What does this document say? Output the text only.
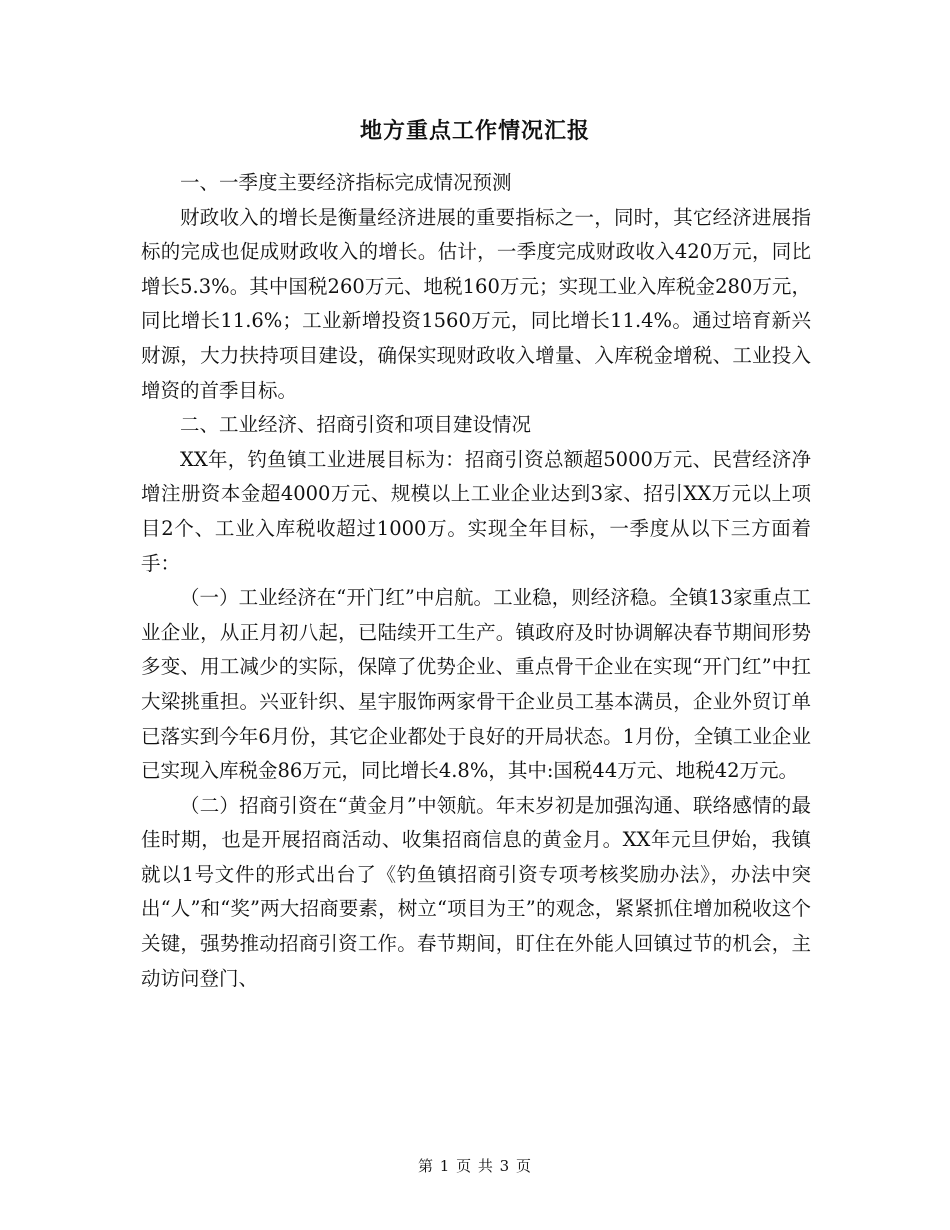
地方重点工作情况汇报

一、一季度主要经济指标完成情况预测

财政收入的增长是衡量经济进展的重要指标之一，同时，其它经济进展指标的完成也促成财政收入的增长。估计，一季度完成财政收入420万元，同比增长5.3%。其中国税260万元、地税160万元；实现工业入库税金280万元，同比增长11.6%；工业新增投资1560万元，同比增长11.4%。通过培育新兴财源，大力扶持项目建设，确保实现财政收入增量、入库税金增税、工业投入增资的首季目标。

二、工业经济、招商引资和项目建设情况

XX年，钓鱼镇工业进展目标为：招商引资总额超5000万元、民营经济净增注册资本金超4000万元、规模以上工业企业达到3家、招引XX万元以上项目2个、工业入库税收超过1000万。实现全年目标，一季度从以下三方面着手：

（一）工业经济在“开门红”中启航。工业稳，则经济稳。全镇13家重点工业企业，从正月初八起，已陆续开工生产。镇政府及时协调解决春节期间形势多变、用工减少的实际，保障了优势企业、重点骨干企业在实现“开门红”中扛大梁挑重担。兴亚针织、星宇服饰两家骨干企业员工基本满员，企业外贸订单已落实到今年6月份，其它企业都处于良好的开局状态。1月份，全镇工业企业已实现入库税金86万元，同比增长4.8%，其中:国税44万元、地税42万元。

（二）招商引资在“黄金月”中领航。年末岁初是加强沟通、联络感情的最佳时期，也是开展招商活动、收集招商信息的黄金月。XX年元旦伊始，我镇就以1号文件的形式出台了《钓鱼镇招商引资专项考核奖励办法》，办法中突出“人”和“奖”两大招商要素，树立“项目为王”的观念，紧紧抓住增加税收这个关键，强势推动招商引资工作。春节期间，盯住在外能人回镇过节的机会，主动访问登门、

第 1 页 共 3 页
